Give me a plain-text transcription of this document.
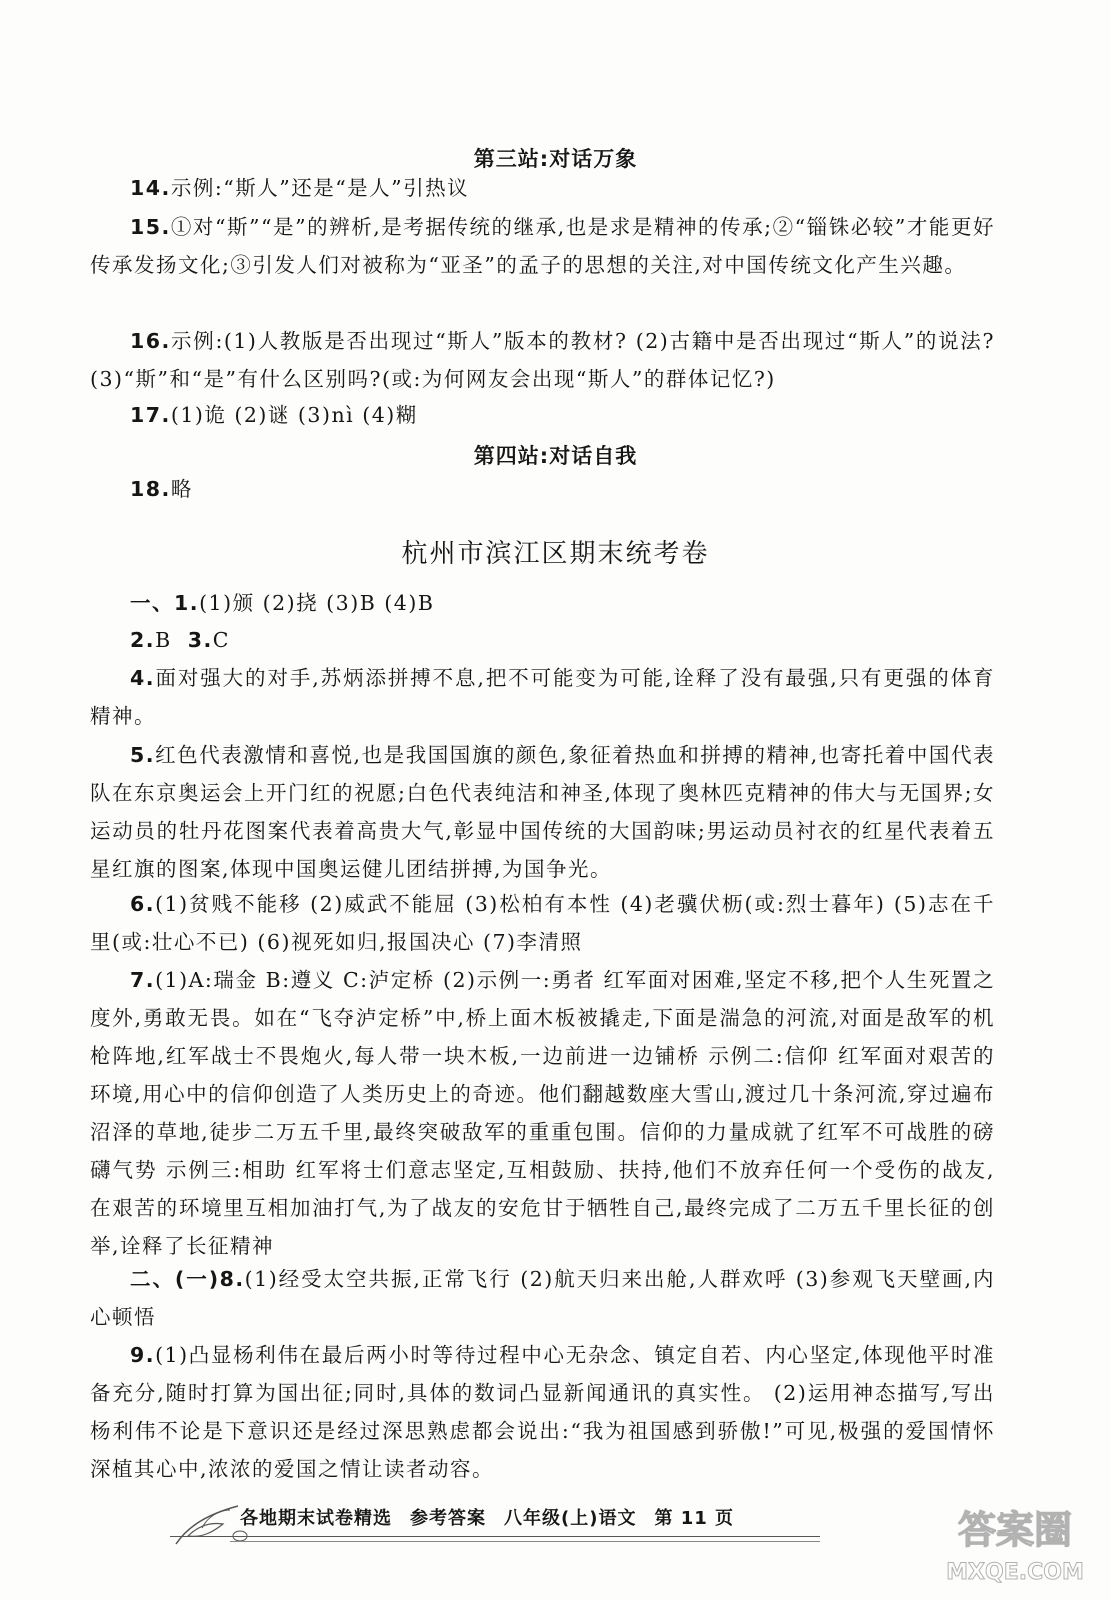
第三站:对话万象
14.示例:“斯人”还是“是人”引热议
15.①对“斯”“是”的辨析,是考据传统的继承,也是求是精神的传承;②“锱铢必较”才能更好传承发扬文化;③引发人们对被称为“亚圣”的孟子的思想的关注,对中国传统文化产生兴趣。
16.示例:(1)人教版是否出现过“斯人”版本的教材? (2)古籍中是否出现过“斯人”的说法? (3)“斯”和“是”有什么区别吗?(或:为何网友会出现“斯人”的群体记忆?)
17.(1)诡 (2)谜 (3)nì (4)糊
第四站:对话自我
18.略
杭州市滨江区期末统考卷
一、1.(1)颁 (2)挠 (3)B (4)B
2.B 3.C
4.面对强大的对手,苏炳添拼搏不息,把不可能变为可能,诠释了没有最强,只有更强的体育精神。
5.红色代表激情和喜悦,也是我国国旗的颜色,象征着热血和拼搏的精神,也寄托着中国代表队在东京奥运会上开门红的祝愿;白色代表纯洁和神圣,体现了奥林匹克精神的伟大与无国界;女运动员的牡丹花图案代表着高贵大气,彰显中国传统的大国韵味;男运动员衬衣的红星代表着五星红旗的图案,体现中国奥运健儿团结拼搏,为国争光。
6.(1)贫贱不能移 (2)威武不能屈 (3)松柏有本性 (4)老骥伏枥(或:烈士暮年) (5)志在千里(或:壮心不已) (6)视死如归,报国决心 (7)李清照
7.(1)A:瑞金 B:遵义 C:泸定桥 (2)示例一:勇者 红军面对困难,坚定不移,把个人生死置之度外,勇敢无畏。如在“飞夺泸定桥”中,桥上面木板被撬走,下面是湍急的河流,对面是敌军的机枪阵地,红军战士不畏炮火,每人带一块木板,一边前进一边铺桥 示例二:信仰 红军面对艰苦的环境,用心中的信仰创造了人类历史上的奇迹。他们翻越数座大雪山,渡过几十条河流,穿过遍布沼泽的草地,徒步二万五千里,最终突破敌军的重重包围。信仰的力量成就了红军不可战胜的磅礴气势 示例三:相助 红军将士们意志坚定,互相鼓励、扶持,他们不放弃任何一个受伤的战友,在艰苦的环境里互相加油打气,为了战友的安危甘于牺牲自己,最终完成了二万五千里长征的创举,诠释了长征精神
二、(一)8.(1)经受太空共振,正常飞行 (2)航天归来出舱,人群欢呼 (3)参观飞天壁画,内心顿悟
9.(1)凸显杨利伟在最后两小时等待过程中心无杂念、镇定自若、内心坚定,体现他平时准备充分,随时打算为国出征;同时,具体的数词凸显新闻通讯的真实性。 (2)运用神态描写,写出杨利伟不论是下意识还是经过深思熟虑都会说出:“我为祖国感到骄傲!”可见,极强的爱国情怀深植其心中,浓浓的爱国之情让读者动容。
各地期末试卷精选 参考答案 八年级(上)语文 第 11 页	答案圈
MXQE.COM
